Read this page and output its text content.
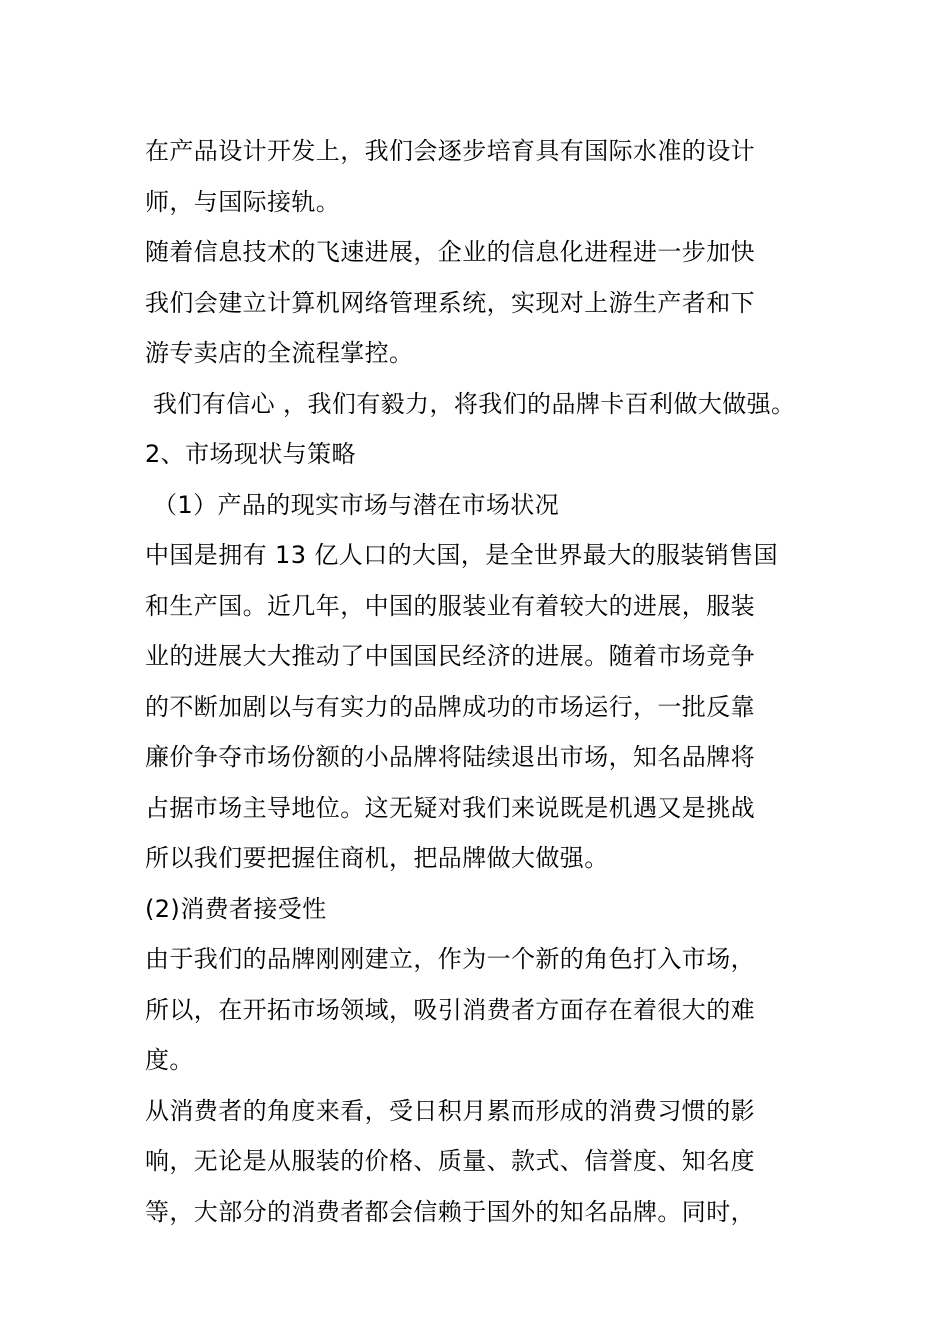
在产品设计开发上，我们会逐步培育具有国际水准的设计
师，与国际接轨。
随着信息技术的飞速进展，企业的信息化进程进一步加快
我们会建立计算机网络管理系统，实现对上游生产者和下
游专卖店的全流程掌控。
我们有信心 ，我们有毅力，将我们的品牌卡百利做大做强。
2、市场现状与策略
（1）产品的现实市场与潜在市场状况
中国是拥有 13 亿人口的大国，是全世界最大的服装销售国
和生产国。近几年，中国的服装业有着较大的进展，服装
业的进展大大推动了中国国民经济的进展。随着市场竞争
的不断加剧以与有实力的品牌成功的市场运行，一批反靠
廉价争夺市场份额的小品牌将陆续退出市场，知名品牌将
占据市场主导地位。这无疑对我们来说既是机遇又是挑战
所以我们要把握住商机，把品牌做大做强。
(2)消费者接受性
由于我们的品牌刚刚建立，作为一个新的角色打入市场，
所以，在开拓市场领域，吸引消费者方面存在着很大的难
度。
从消费者的角度来看，受日积月累而形成的消费习惯的影
响，无论是从服装的价格、质量、款式、信誉度、知名度
等，大部分的消费者都会信赖于国外的知名品牌。同时，
